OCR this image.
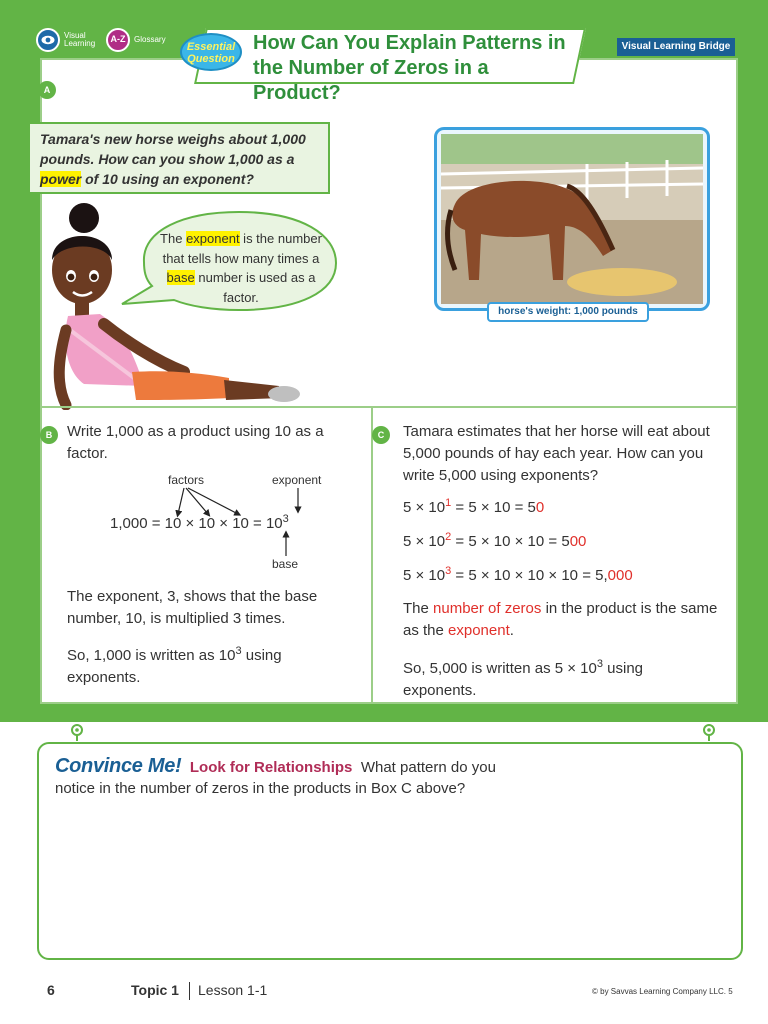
Visual Learning	A-Z	Glossary
Essential Question
How Can You Explain Patterns in the Number of Zeros in a Product?
Visual Learning Bridge
A
Tamara's new horse weighs about 1,000 pounds. How can you show 1,000 as a power of 10 using an exponent?
The exponent is the number that tells how many times a base number is used as a factor.
horse's weight: 1,000 pounds
B Write 1,000 as a product using 10 as a factor.
factors	exponent
base
$1,000 = 10 \times 10 \times 10 = 10^3$
The exponent, 3, shows that the base number, 10, is multiplied 3 times.
So, 1,000 is written as $10^3$ using exponents.
C	Tamara estimates that her horse will eat about 5,000 pounds of hay each year. How can you write 5,000 using exponents?
$5 \times 10^1 = 5 \times 10 = 50$
$5 \times 10^2 = 5 \times 10 \times 10 = 500$
$5 \times 10^3 = 5 \times 10 \times 10 \times 10 = 5,000$
The number of zeros in the product is the same as the exponent.
So, 5,000 is written as $5 \times 10^3$ using exponents.
Convince Me! Look for Relationships What pattern do you notice in the number of zeros in the products in Box C above?
6	Topic 1 Lesson 1-1	© by Savvas Learning Company LLC. 5
